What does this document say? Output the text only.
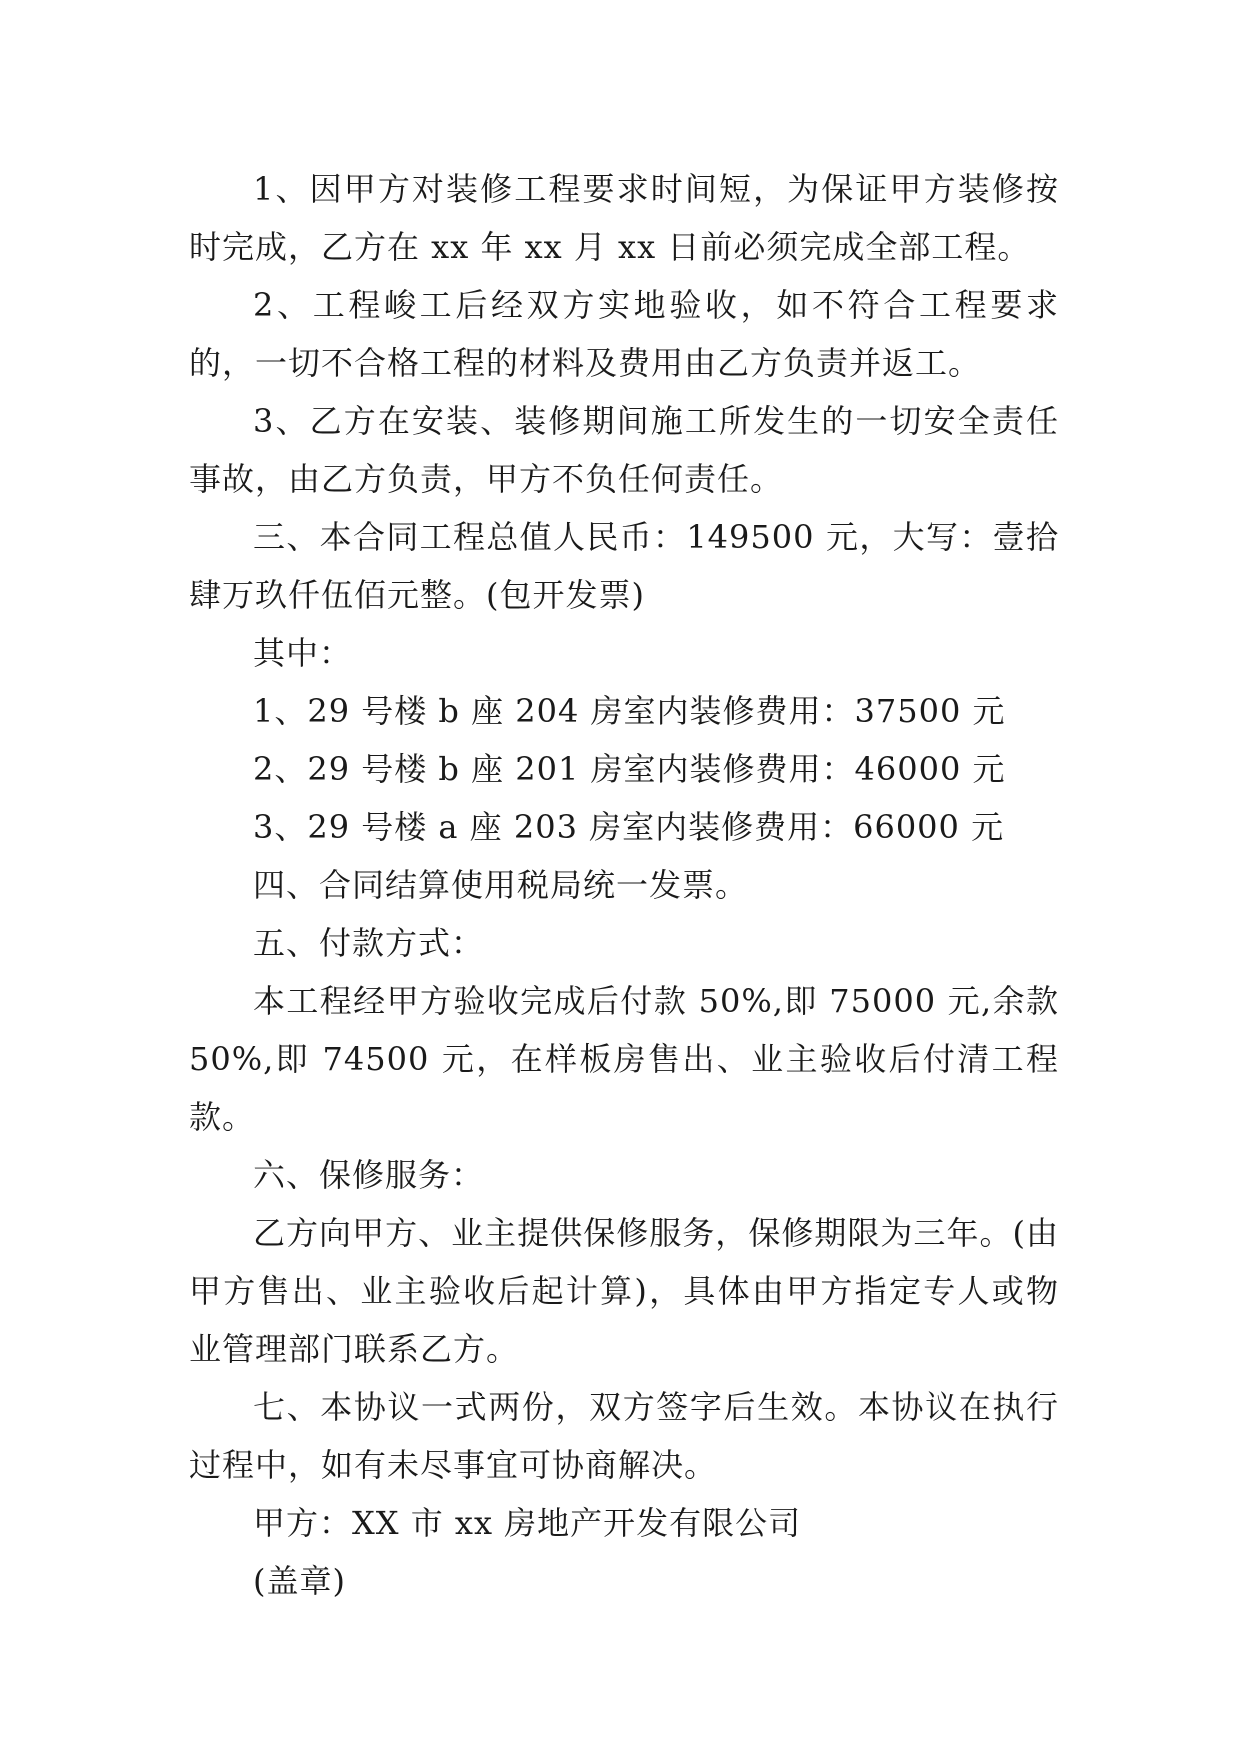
1、因甲方对装修工程要求时间短，为保证甲方装修按时完成，乙方在 xx 年 xx 月 xx 日前必须完成全部工程。

2、工程峻工后经双方实地验收，如不符合工程要求的，一切不合格工程的材料及费用由乙方负责并返工。

3、乙方在安装、装修期间施工所发生的一切安全责任事故，由乙方负责，甲方不负任何责任。

三、本合同工程总值人民币：149500 元，大写：壹拾肆万玖仟伍佰元整。(包开发票)

其中：

1、29 号楼 b 座 204 房室内装修费用：37500 元

2、29 号楼 b 座 201 房室内装修费用：46000 元

3、29 号楼 a 座 203 房室内装修费用：66000 元

四、合同结算使用税局统一发票。

五、付款方式：

本工程经甲方验收完成后付款 50%,即 75000 元,余款 50%,即 74500 元，在样板房售出、业主验收后付清工程款。

六、保修服务：

乙方向甲方、业主提供保修服务，保修期限为三年。(由甲方售出、业主验收后起计算)，具体由甲方指定专人或物业管理部门联系乙方。

七、本协议一式两份，双方签字后生效。本协议在执行过程中，如有未尽事宜可协商解决。

甲方：XX 市 xx 房地产开发有限公司

(盖章)
